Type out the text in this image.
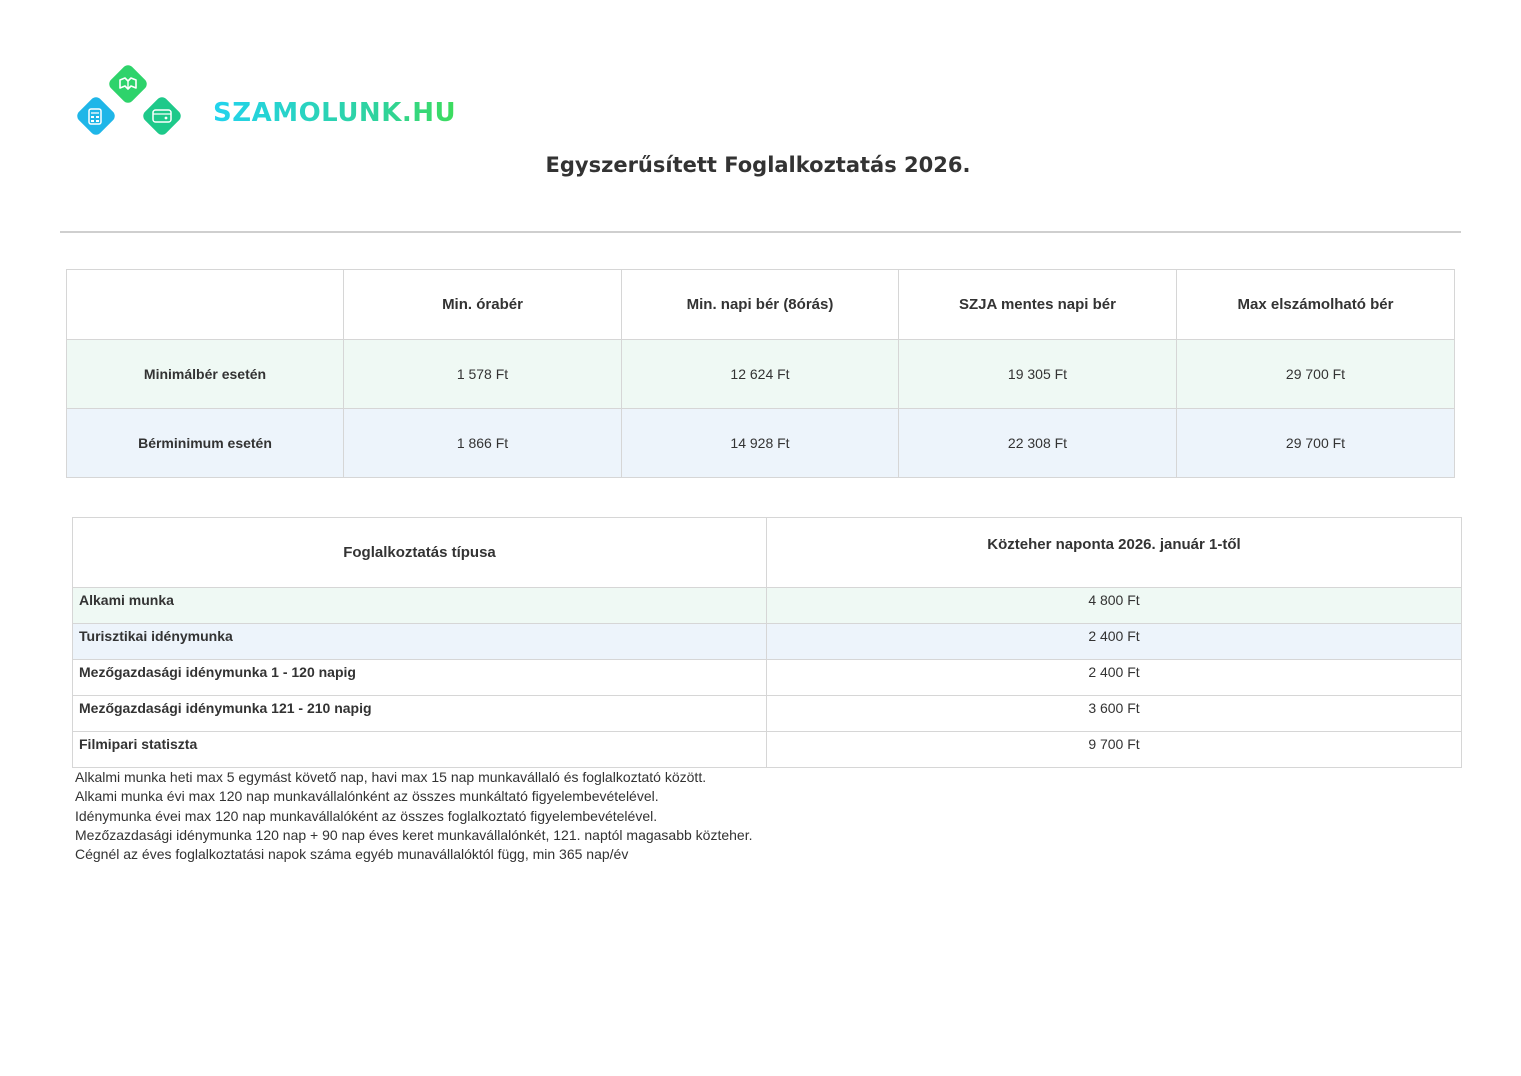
SZAMOLUNK.HU
Egyszerűsített Foglalkoztatás 2026.
	Min. órabér	Min. napi bér (8órás)	SZJA mentes napi bér	Max elszámolható bér
Minimálbér esetén	1 578 Ft	12 624 Ft	19 305 Ft	29 700 Ft
Bérminimum esetén	1 866 Ft	14 928 Ft	22 308 Ft	29 700 Ft
Foglalkoztatás típusa	Közteher naponta 2026. január 1-től
Alkami munka	4 800 Ft
Turisztikai idénymunka	2 400 Ft
Mezőgazdasági idénymunka 1 - 120 napig	2 400 Ft
Mezőgazdasági idénymunka 121 - 210 napig	3 600 Ft
Filmipari statiszta	9 700 Ft
Alkalmi munka heti max 5 egymást követő nap, havi max 15 nap munkavállaló és foglalkoztató között.
Alkami munka évi max 120 nap munkavállalónként az összes munkáltató figyelembevételével.
Idénymunka évei max 120 nap munkavállalóként az összes foglalkoztató figyelembevételével.
Mezőzazdasági idénymunka 120 nap + 90 nap éves keret munkavállalónkét, 121. naptól magasabb közteher.
Cégnél az éves foglalkoztatási napok száma egyéb munavállalóktól függ, min 365 nap/év
